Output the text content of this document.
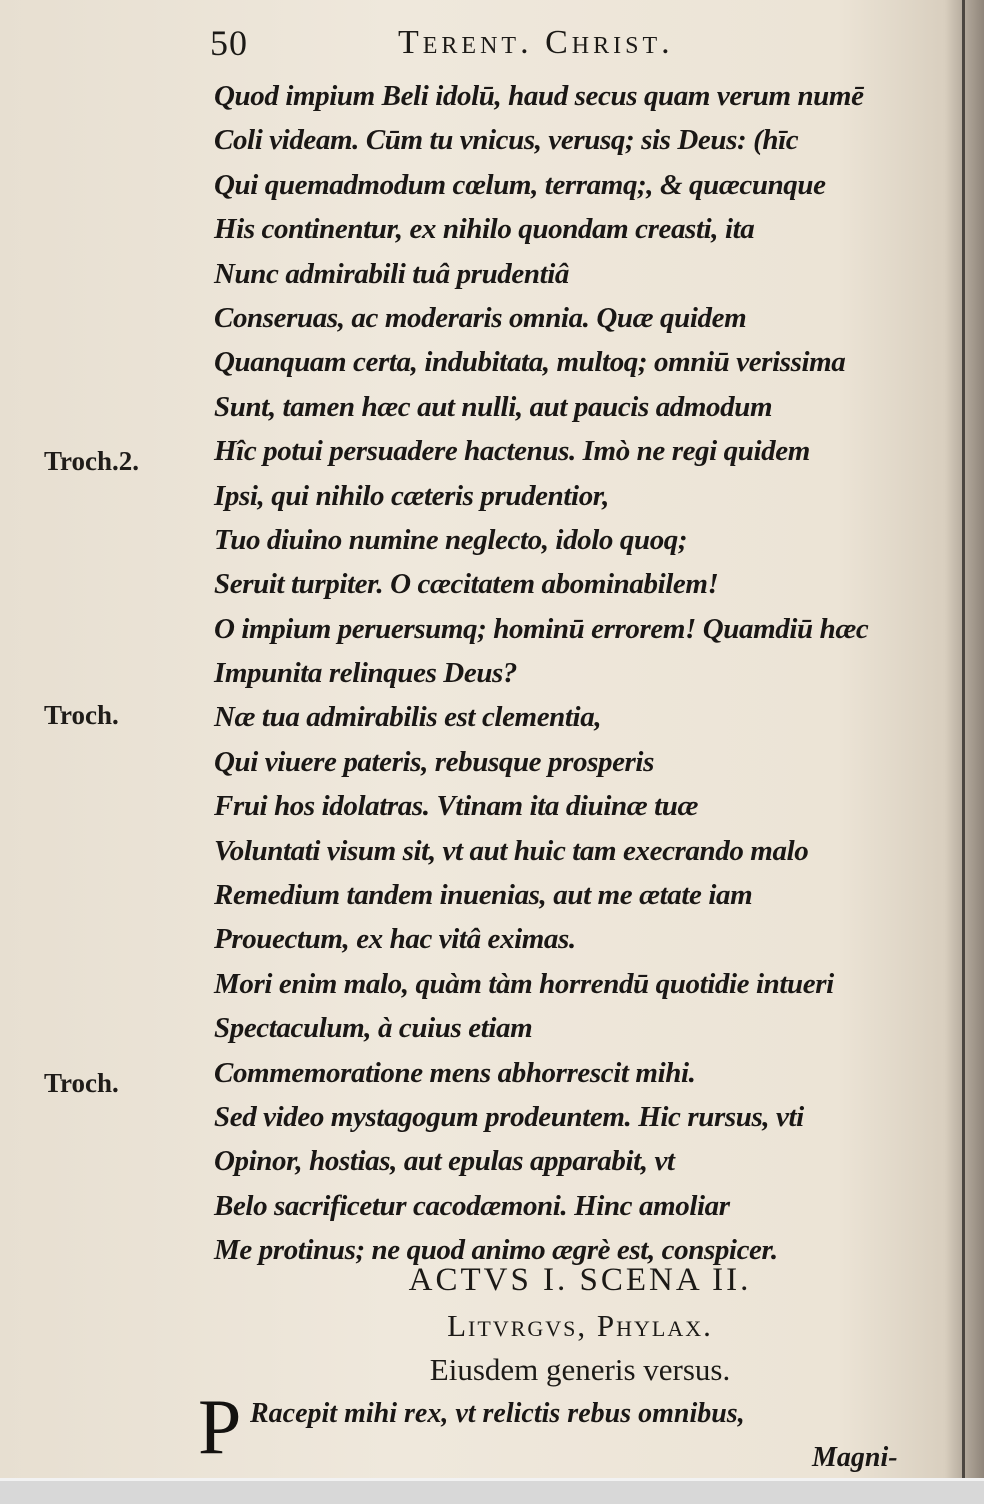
50	Terent. Christ.
Quod impium Beli idolū, haud secus quam verum numē
Coli videam. Cūm tu vnicus, verusq; sis Deus: (hīc
Qui quemadmodum cœlum, terramq;, & quæcunque
His continentur, ex nihilo quondam creasti, ita
Nunc admirabili tuâ prudentiâ
Conseruas, ac moderaris omnia. Quæ quidem
Quanquam certa, indubitata, multoq; omniū verissima
Sunt, tamen hæc aut nulli, aut paucis admodum
Hîc potui persuadere hactenus. Imò ne regi quidem
Ipsi, qui nihilo cæteris prudentior,
Tuo diuino numine neglecto, idolo quoq;
Seruit turpiter. O cæcitatem abominabilem!
O impium peruersumq; hominū errorem! Quamdiū hæc
Impunita relinques Deus?
Næ tua admirabilis est clementia,
Qui viuere pateris, rebusque prosperis
Frui hos idolatras. Vtinam ita diuinæ tuæ
Voluntati visum sit, vt aut huic tam execrando malo
Remedium tandem inuenias, aut me ætate iam
Prouectum, ex hac vitâ eximas.
Mori enim malo, quàm tàm horrendū quotidie intueri
Spectaculum, à cuius etiam
Commemoratione mens abhorrescit mihi.
Sed video mystagogum prodeuntem. Hic rursus, vti
Opinor, hostias, aut epulas apparabit, vt
Belo sacrificetur cacodæmoni. Hinc amoliar
Me protinus; ne quod animo ægrè est, conspicer.
Troch.2.
Troch.
Troch.
ACTVS I. SCENA II.
Litvrgvs, Phylax.
Eiusdem generis versus.
P Racepit mihi rex, vt relictis rebus omnibus,
Magni-
